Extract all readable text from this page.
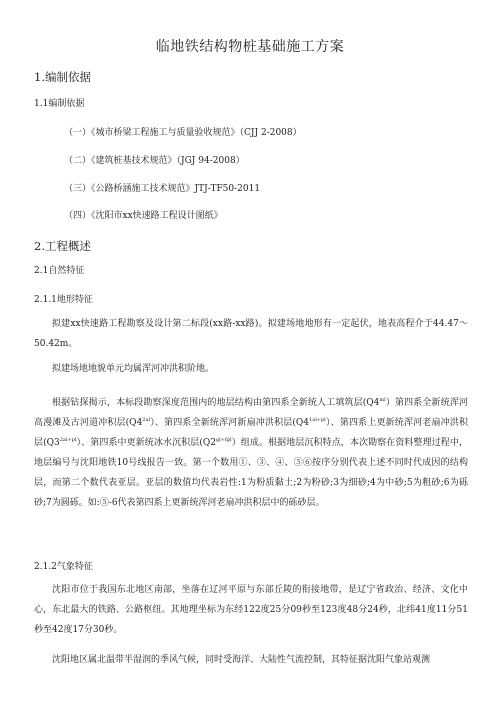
临地铁结构物桩基础施工方案
1.编制依据
1.1编制依据
（一）《城市桥梁工程施工与质量验收规范》（CJJ 2-2008）
（二）《建筑桩基技术规范》（JGJ 94-2008）
（三）《公路桥涵施工技术规范》JTJ-TF50-2011
（四）《沈阳市xx快速路工程设计图纸》
2.工程概述
2.1自然特征
2.1.1地形特征
拟建xx快速路工程勘察及设计第二标段(xx路-xx路)。拟建场地地形有一定起伏，地表高程介于44.47～50.42m。
拟建场地地貌单元均属浑河冲洪积阶地。
根据钻探揭示，本标段勘察深度范围内的地层结构由第四系全新统人工填筑层$(Q4^{ml})$第四系全新统浑河高漫滩及古河道冲积层$(Q4^{2al})$、第四系全新统浑河新扇冲洪积层$(Q4^{1al+pl})$、第四系上更新统浑河老扇冲洪积层$(Q3^{2al+pl})$、第四系中更新统冰水沉积层$(Q2^{gl+fgl})$组成。根据地层沉积特点，本次勘察在资料整理过程中，地层编号与沈阳地铁10号线报告一致。第一个数用①、③、④、⑤⑥按序分别代表上述不同时代成因的结构层，而第二个数代表亚层。亚层的数值均代表岩性:1为粉质黏土;2为粉砂;3为细砂;4为中砂;5为粗砂;6为砾砂;7为圆砾。如:⑤-6代表第四系上更新统浑河老扇冲洪积层中的砾砂层。
2.1.2气象特征
沈阳市位于我国东北地区南部，坐落在辽河平原与东部丘陵的衔接地带，是辽宁省政治、经济、文化中心，东北最大的铁路、公路枢纽。其地理坐标为东经122度25分09秒至123度48分24秒，北纬41度11分51秒至42度17分30秒。
沈阳地区属北温带半湿润的季风气候，同时受海洋、大陆性气流控制，其特征据沈阳气象站观测
